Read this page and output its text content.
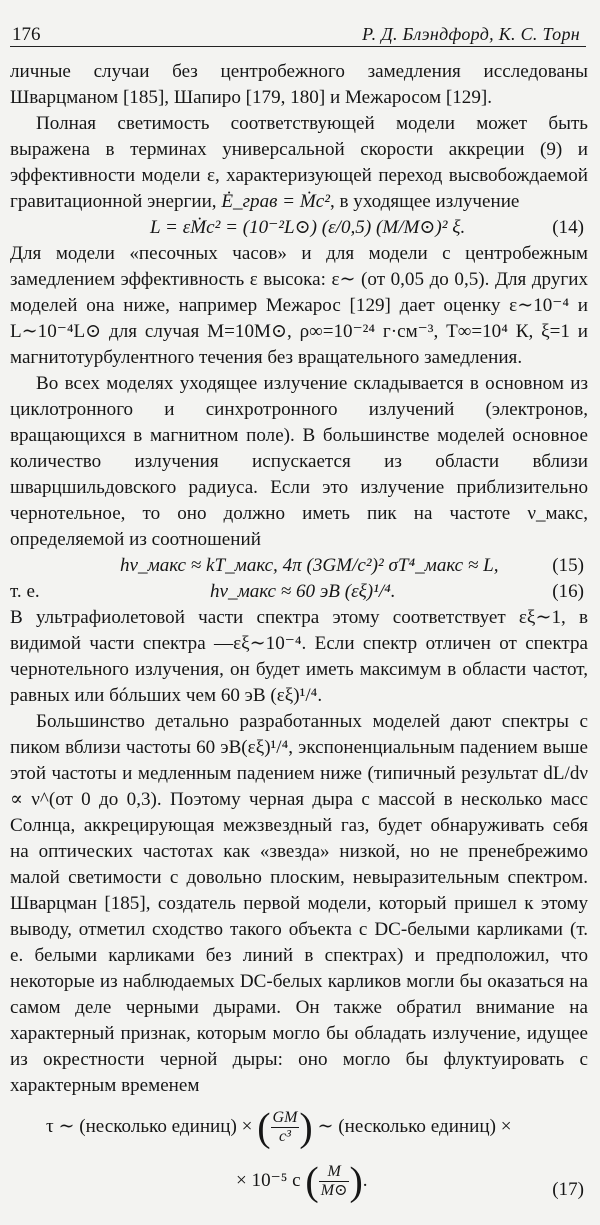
176	Р. Д. Блэндфорд, К. С. Торн

личные случаи без центробежного замедления исследованы Шварцманом [185], Шапиро [179, 180] и Межаросом [129].

Полная светимость соответствующей модели может быть выражена в терминах универсальной скорости аккреции (9) и эффективности модели ε, характеризующей переход высвобождаемой гравитационной энергии, Ė_грав = Ṁc², в уходящее излучение

L = εṀc² = (10⁻²L⊙) (ε/0,5) (M/M⊙)² ξ.	(14)

Для модели «песочных часов» и для модели с центробежным замедлением эффективность ε высока: ε∼ (от 0,05 до 0,5). Для других моделей она ниже, например Межарос [129] дает оценку ε∼10⁻⁴ и L∼10⁻⁴L⊙ для случая M=10M⊙, ρ∞=10⁻²⁴ г·см⁻³, T∞=10⁴ К, ξ=1 и магнитотурбулентного течения без вращательного замедления.

Во всех моделях уходящее излучение складывается в основном из циклотронного и синхротронного излучений (электронов, вращающихся в магнитном поле). В большинстве моделей основное количество излучения испускается из области вблизи шварцшильдовского радиуса. Если это излучение приблизительно чернотельное, то оно должно иметь пик на частоте ν_макс, определяемой из соотношений

hν_макс ≈ kT_макс, 4π (3GM/c²)² σT⁴_макс ≈ L,	(15)
т. е.	hν_макс ≈ 60 эВ (εξ)¹/⁴.	(16)

В ультрафиолетовой части спектра этому соответствует εξ∼1, в видимой части спектра —εξ∼10⁻⁴. Если спектр отличен от спектра чернотельного излучения, он будет иметь максимум в области частот, равных или бóльших чем 60 эВ (εξ)¹/⁴.

Большинство детально разработанных моделей дают спектры с пиком вблизи частоты 60 эВ(εξ)¹/⁴, экспоненциальным падением выше этой частоты и медленным падением ниже (типичный результат dL/dν ∝ ν^(от 0 до 0,3). Поэтому черная дыра с массой в несколько масс Солнца, аккрецирующая межзвездный газ, будет обнаруживать себя на оптических частотах как «звезда» низкой, но не пренебрежимо малой светимости с довольно плоским, невыразительным спектром. Шварцман [185], создатель первой модели, который пришел к этому выводу, отметил сходство такого объекта с DC-белыми карликами (т. е. белыми карликами без линий в спектрах) и предположил, что некоторые из наблюдаемых DC-белых карликов могли бы оказаться на самом деле черными дырами. Он также обратил внимание на характерный признак, которым могло бы обладать излучение, идущее из окрестности черной дыры: оно могло бы флуктуировать с характерным временем

τ ∼ (несколько единиц) × ( $\frac{GM}{\text{c³}}$ ) ∼ (несколько единиц) ×
× 10⁻⁵ c ( $\frac{M}{M⊙}$ ).	(17)
